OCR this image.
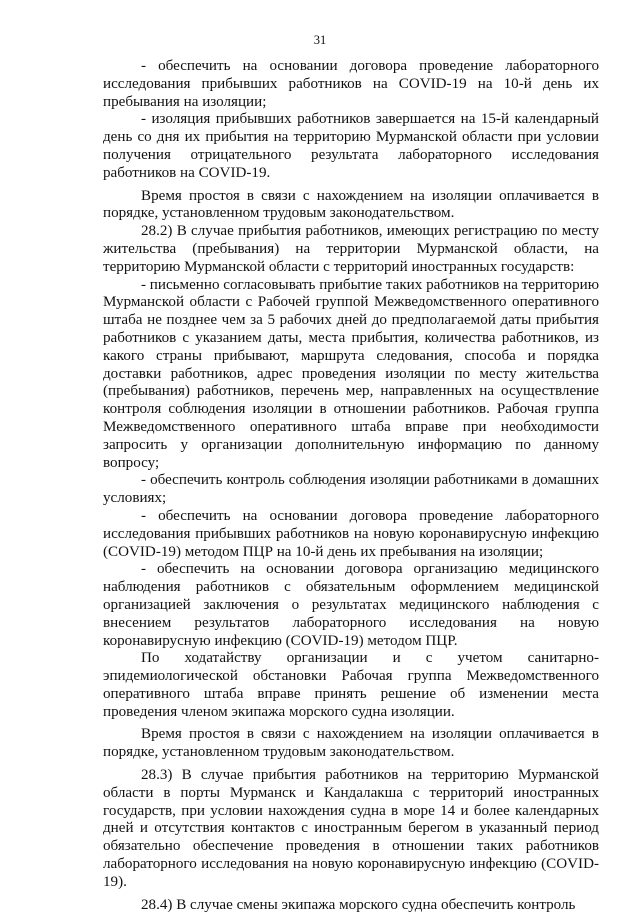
31

- обеспечить на основании договора проведение лабораторного исследования прибывших работников на COVID-19 на 10-й день их пребывания на изоляции;

- изоляция прибывших работников завершается на 15-й календарный день со дня их прибытия на территорию Мурманской области при условии получения отрицательного результата лабораторного исследования работников на COVID-19.

Время простоя в связи с нахождением на изоляции оплачивается в порядке, установленном трудовым законодательством.

28.2) В случае прибытия работников, имеющих регистрацию по месту жительства (пребывания) на территории Мурманской области, на территорию Мурманской области с территорий иностранных государств:

- письменно согласовывать прибытие таких работников на территорию Мурманской области с Рабочей группой Межведомственного оперативного штаба не позднее чем за 5 рабочих дней до предполагаемой даты прибытия работников с указанием даты, места прибытия, количества работников, из какого страны прибывают, маршрута следования, способа и порядка доставки работников, адрес проведения изоляции по месту жительства (пребывания) работников, перечень мер, направленных на осуществление контроля соблюдения изоляции в отношении работников. Рабочая группа Межведомственного оперативного штаба вправе при необходимости запросить у организации дополнительную информацию по данному вопросу;

- обеспечить контроль соблюдения изоляции работниками в домашних условиях;

- обеспечить на основании договора проведение лабораторного исследования прибывших работников на новую коронавирусную инфекцию (COVID-19) методом ПЦР на 10-й день их пребывания на изоляции;

- обеспечить на основании договора организацию медицинского наблюдения работников с обязательным оформлением медицинской организацией заключения о результатах медицинского наблюдения с внесением результатов лабораторного исследования на новую коронавирусную инфекцию (COVID-19) методом ПЦР.

По ходатайству организации и с учетом санитарно-эпидемиологической обстановки Рабочая группа Межведомственного оперативного штаба вправе принять решение об изменении места проведения членом экипажа морского судна изоляции.

Время простоя в связи с нахождением на изоляции оплачивается в порядке, установленном трудовым законодательством.

28.3) В случае прибытия работников на территорию Мурманской области в порты Мурманск и Кандалакша с территорий иностранных государств, при условии нахождения судна в море 14 и более календарных дней и отсутствия контактов с иностранным берегом в указанный период обязательно обеспечение проведения в отношении таких работников лабораторного исследования на новую коронавирусную инфекцию (COVID-19).

28.4) В случае смены экипажа морского судна обеспечить контроль
